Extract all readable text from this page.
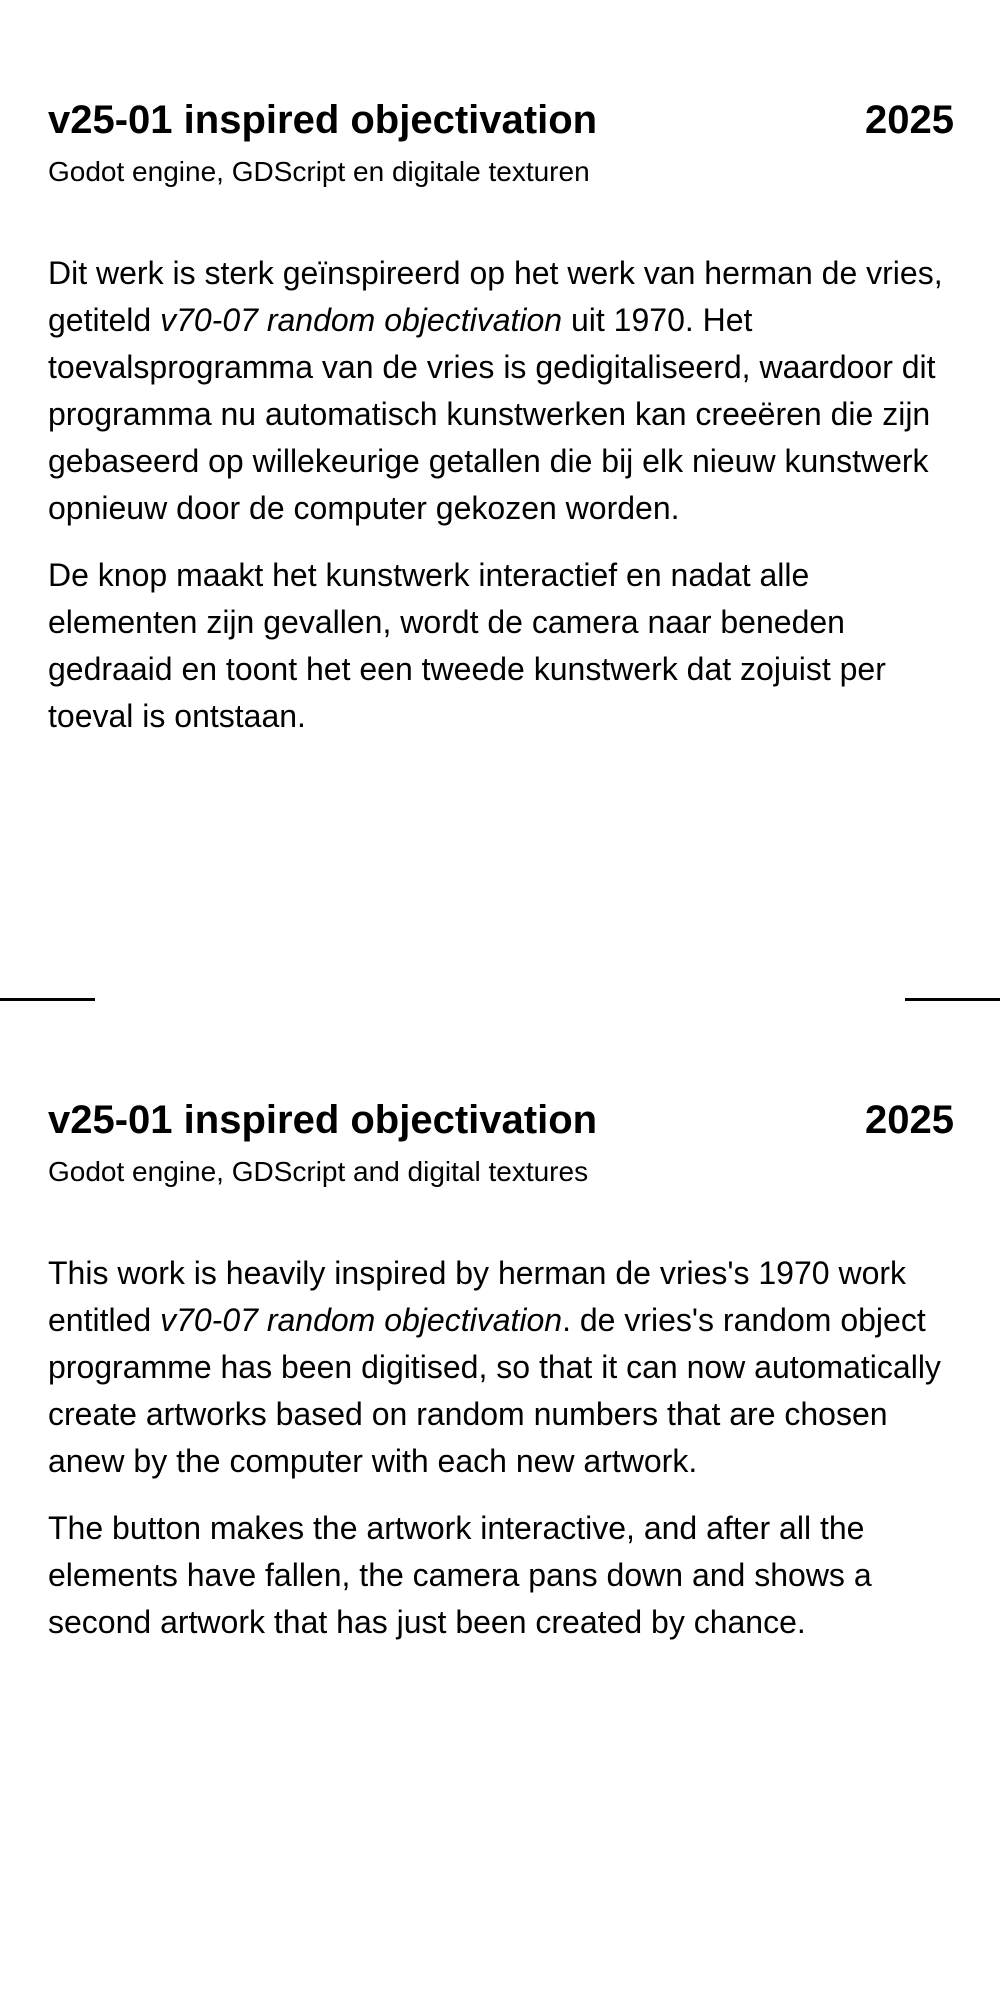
v25-01 inspired objectivation	2025

Godot engine, GDScript en digitale texturen

Dit werk is sterk geïnspireerd op het werk van herman de vries, getiteld v70-07 random objectivation uit 1970. Het toevalsprogramma van de vries is gedigitaliseerd, waardoor dit programma nu automatisch kunstwerken kan creeëren die zijn gebaseerd op willekeurige getallen die bij elk nieuw kunstwerk opnieuw door de computer gekozen worden.

De knop maakt het kunstwerk interactief en nadat alle elementen zijn gevallen, wordt de camera naar beneden gedraaid en toont het een tweede kunstwerk dat zojuist per toeval is ontstaan.

v25-01 inspired objectivation	2025

Godot engine, GDScript and digital textures

This work is heavily inspired by herman de vries's 1970 work entitled v70-07 random objectivation. de vries's random object programme has been digitised, so that it can now automatically create artworks based on random numbers that are chosen anew by the computer with each new artwork.

The button makes the artwork interactive, and after all the elements have fallen, the camera pans down and shows a second artwork that has just been created by chance.
